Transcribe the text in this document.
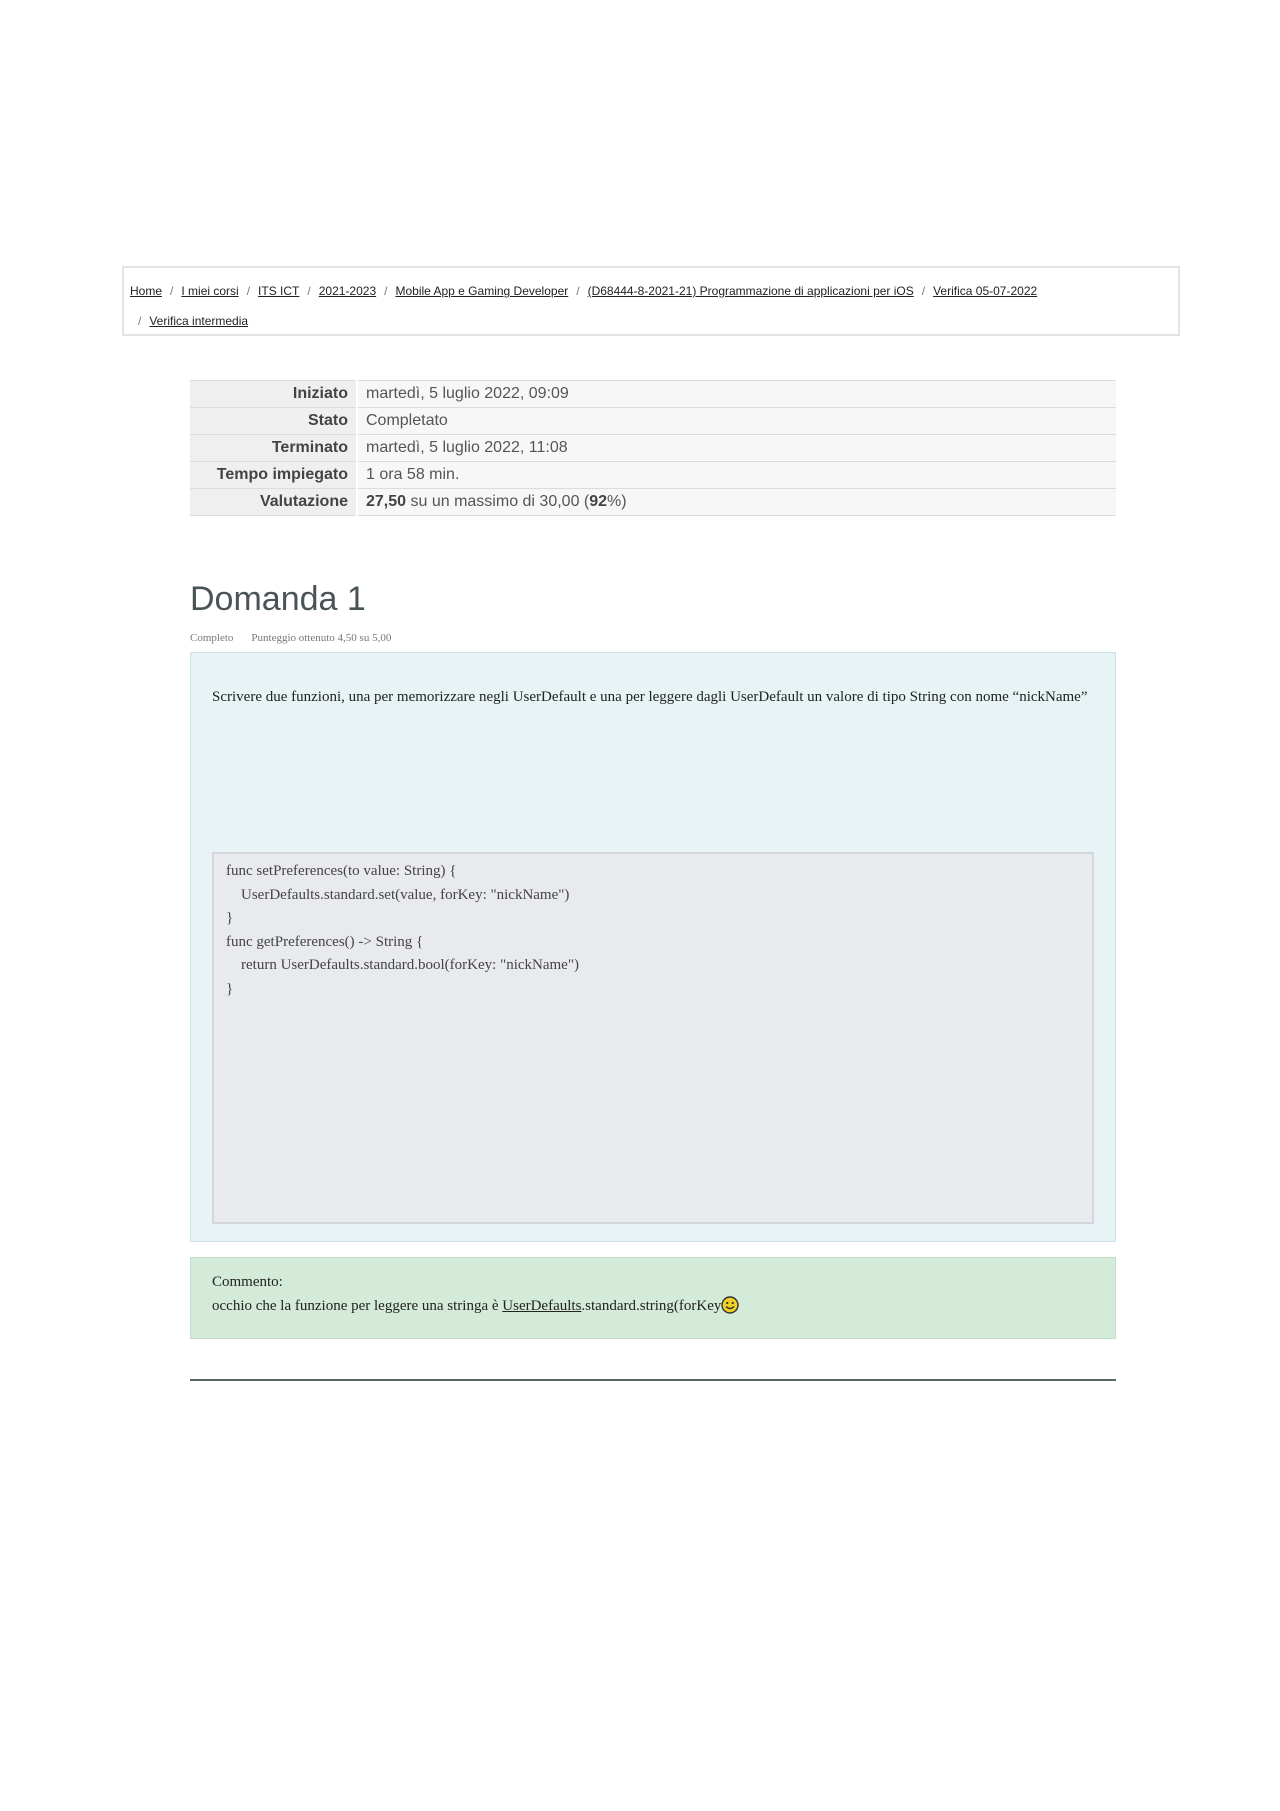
Home / I miei corsi / ITS ICT / 2021-2023 / Mobile App e Gaming Developer / (D68444-8-2021-21) Programmazione di applicazioni per iOS / Verifica 05-07-2022
/ Verifica intermedia
Iniziato	martedì, 5 luglio 2022, 09:09
Stato	Completato
Terminato	martedì, 5 luglio 2022, 11:08
Tempo impiegato	1 ora 58 min.
Valutazione	27,50 su un massimo di 30,00 (92%)
Domanda 1
Completo Punteggio ottenuto 4,50 su 5,00
Scrivere due funzioni, una per memorizzare negli UserDefault e una per leggere dagli UserDefault un valore di tipo String con nome “nickName”
func setPreferences(to value: String) {
UserDefaults.standard.set(value, forKey: "nickName")
}
func getPreferences() -> String {
return UserDefaults.standard.bool(forKey: "nickName")
}
Commento:
occhio che la funzione per leggere una stringa è UserDefaults.standard.string(forKey
